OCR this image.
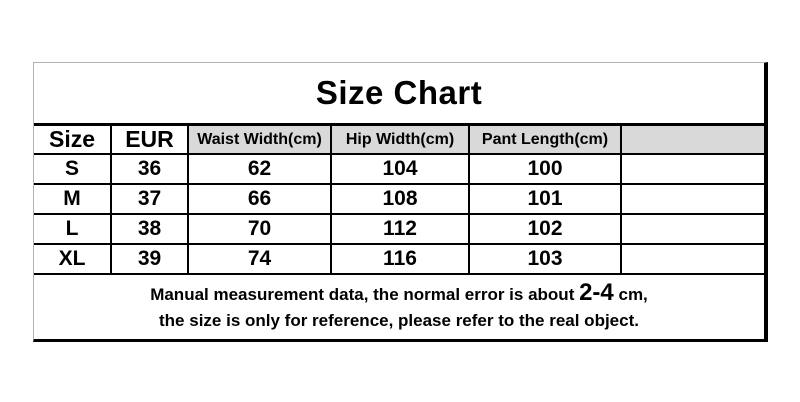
Size Chart
Size	EUR	Waist Width(cm)	Hip Width(cm)	Pant Length(cm)	
S	36	62	104	100	
M	37	66	108	101	
L	38	70	112	102	
XL	39	74	116	103	
Manual measurement data, the normal error is about 2-4 cm,
the size is only for reference, please refer to the real object.
